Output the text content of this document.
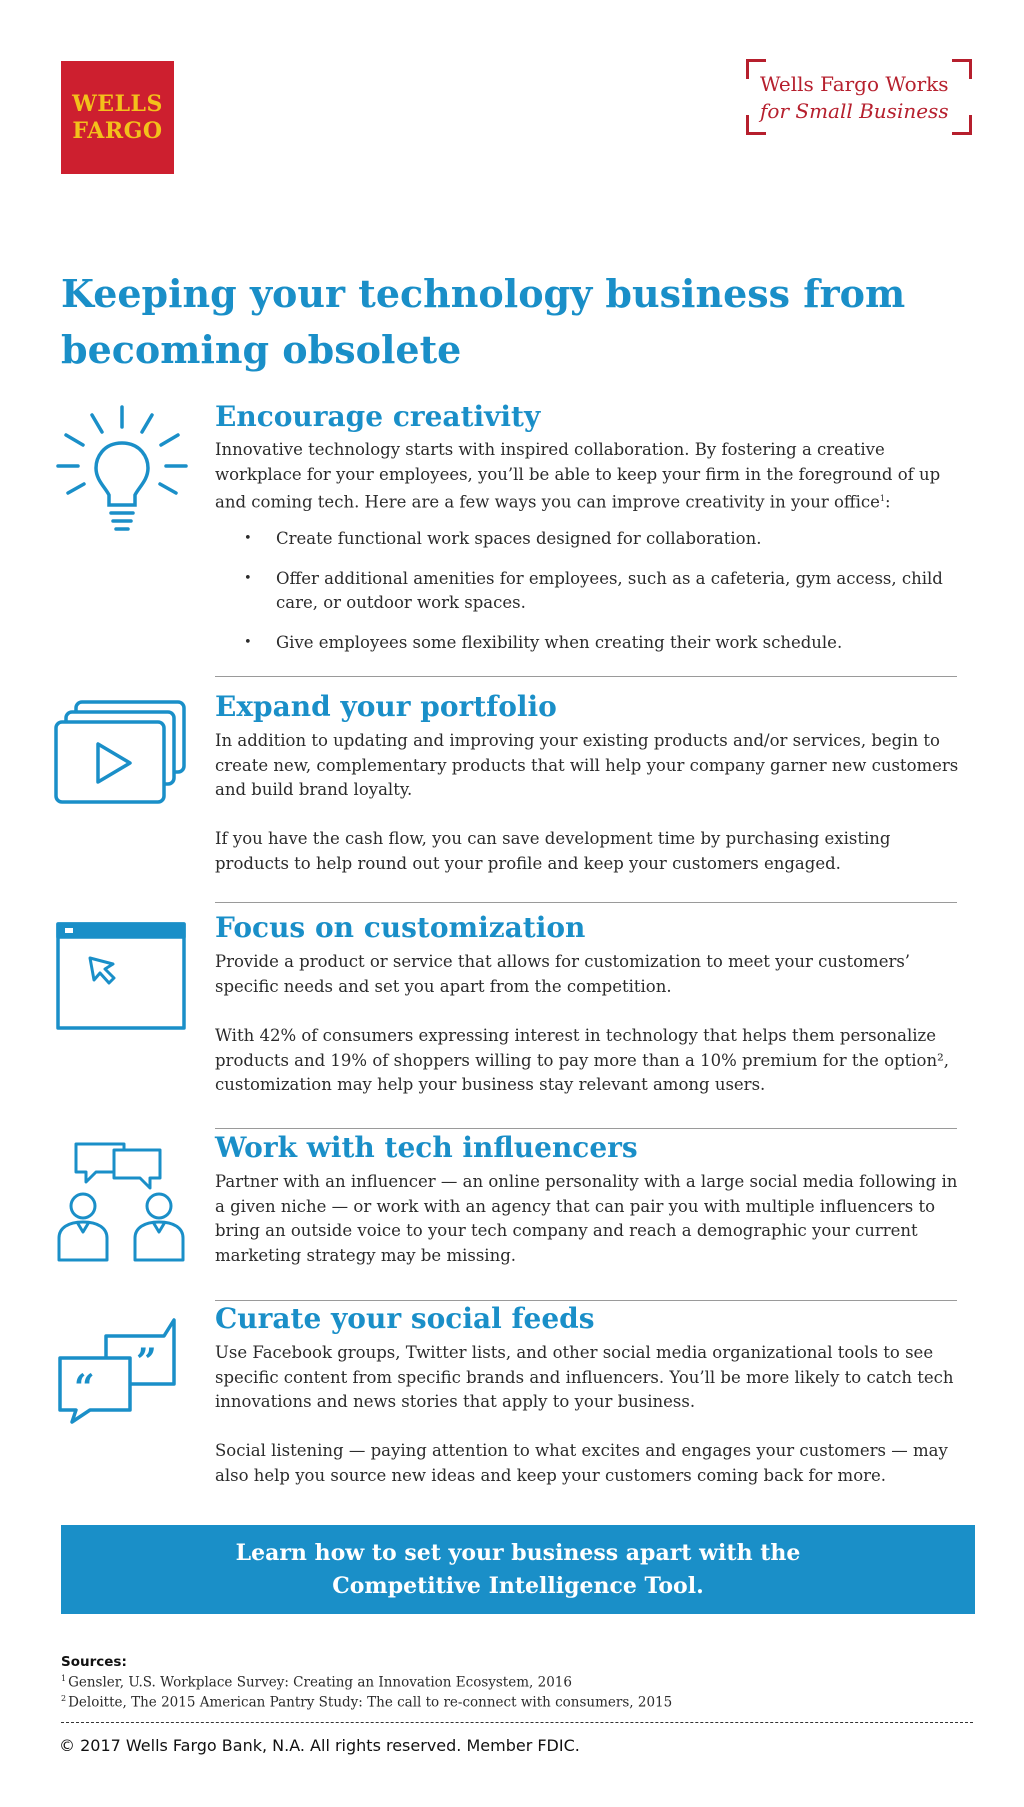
WELLS
FARGO
Wells Fargo Works
for Small Business
Keeping your technology business from
becoming obsolete
Encourage creativity

Innovative technology starts with inspired collaboration. By fostering a creative workplace for your employees, you’ll be able to keep your firm in the foreground of up and coming tech. Here are a few ways you can improve creativity in your office$^1$:

• Create functional work spaces designed for collaboration.
• Offer additional amenities for employees, such as a cafeteria, gym access, child care, or outdoor work spaces.
• Give employees some flexibility when creating their work schedule.
Expand your portfolio

In addition to updating and improving your existing products and/or services, begin to create new, complementary products that will help your company garner new customers and build brand loyalty.

If you have the cash flow, you can save development time by purchasing existing products to help round out your profile and keep your customers engaged.

Focus on customization

Provide a product or service that allows for customization to meet your customers’ specific needs and set you apart from the competition.

With 42% of consumers expressing interest in technology that helps them personalize products and 19% of shoppers willing to pay more than a 10% premium for the option²,
customization may help your business stay relevant among users.

Work with tech influencers

Partner with an influencer — an online personality with a large social media following in a given niche — or work with an agency that can pair you with multiple influencers to bring an outside voice to your tech company and reach a demographic your current marketing strategy may be missing.

“
”
Curate your social feeds

Use Facebook groups, Twitter lists, and other social media organizational tools to see specific content from specific brands and influencers. You’ll be more likely to catch tech innovations and news stories that apply to your business.

Social listening — paying attention to what excites and engages your customers — may also help you source new ideas and keep your customers coming back for more.

Learn how to set your business apart with the
Competitive Intelligence Tool.

Sources:

$^1$ Gensler, U.S. Workplace Survey: Creating an Innovation Ecosystem, 2016

$^2$ Deloitte, The 2015 American Pantry Study: The call to re-connect with consumers, 2015

© 2017 Wells Fargo Bank, N.A. All rights reserved. Member FDIC.
